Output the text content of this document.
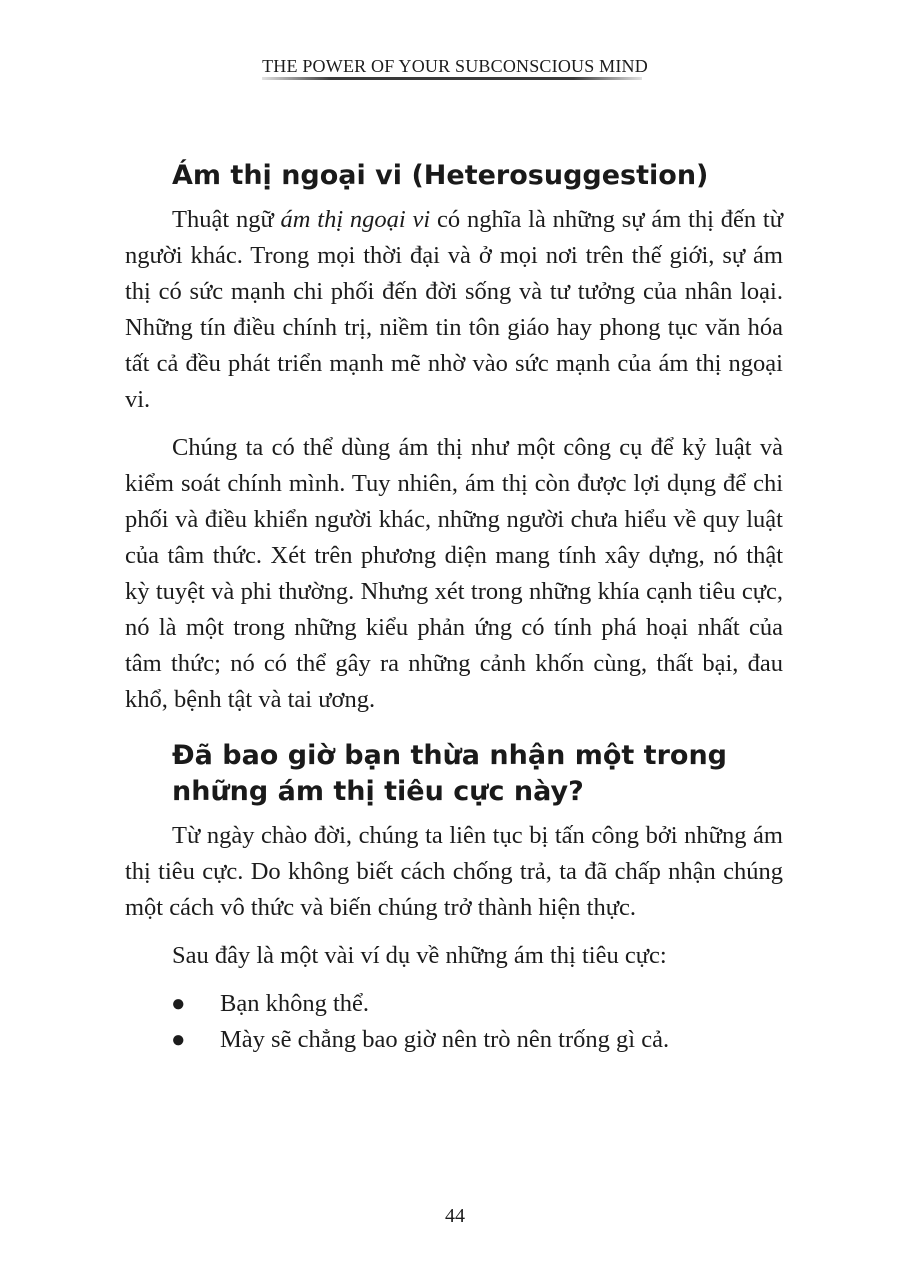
THE POWER OF YOUR SUBCONSCIOUS MIND
Ám thị ngoại vi (Heterosuggestion)

Thuật ngữ ám thị ngoại vi có nghĩa là những sự ám thị đến từ người khác. Trong mọi thời đại và ở mọi nơi trên thế giới, sự ám thị có sức mạnh chi phối đến đời sống và tư tưởng của nhân loại. Những tín điều chính trị, niềm tin tôn giáo hay phong tục văn hóa tất cả đều phát triển mạnh mẽ nhờ vào sức mạnh của ám thị ngoại vi.

Chúng ta có thể dùng ám thị như một công cụ để kỷ luật và kiểm soát chính mình. Tuy nhiên, ám thị còn được lợi dụng để chi phối và điều khiển người khác, những người chưa hiểu về quy luật của tâm thức. Xét trên phương diện mang tính xây dựng, nó thật kỳ tuyệt và phi thường. Nhưng xét trong những khía cạnh tiêu cực, nó là một trong những kiểu phản ứng có tính phá hoại nhất của tâm thức; nó có thể gây ra những cảnh khốn cùng, thất bại, đau khổ, bệnh tật và tai ương.

Đã bao giờ bạn thừa nhận một trong những ám thị tiêu cực này?

Từ ngày chào đời, chúng ta liên tục bị tấn công bởi những ám thị tiêu cực. Do không biết cách chống trả, ta đã chấp nhận chúng một cách vô thức và biến chúng trở thành hiện thực.

Sau đây là một vài ví dụ về những ám thị tiêu cực:

● Bạn không thể.
● Mày sẽ chẳng bao giờ nên trò nên trống gì cả.
44
